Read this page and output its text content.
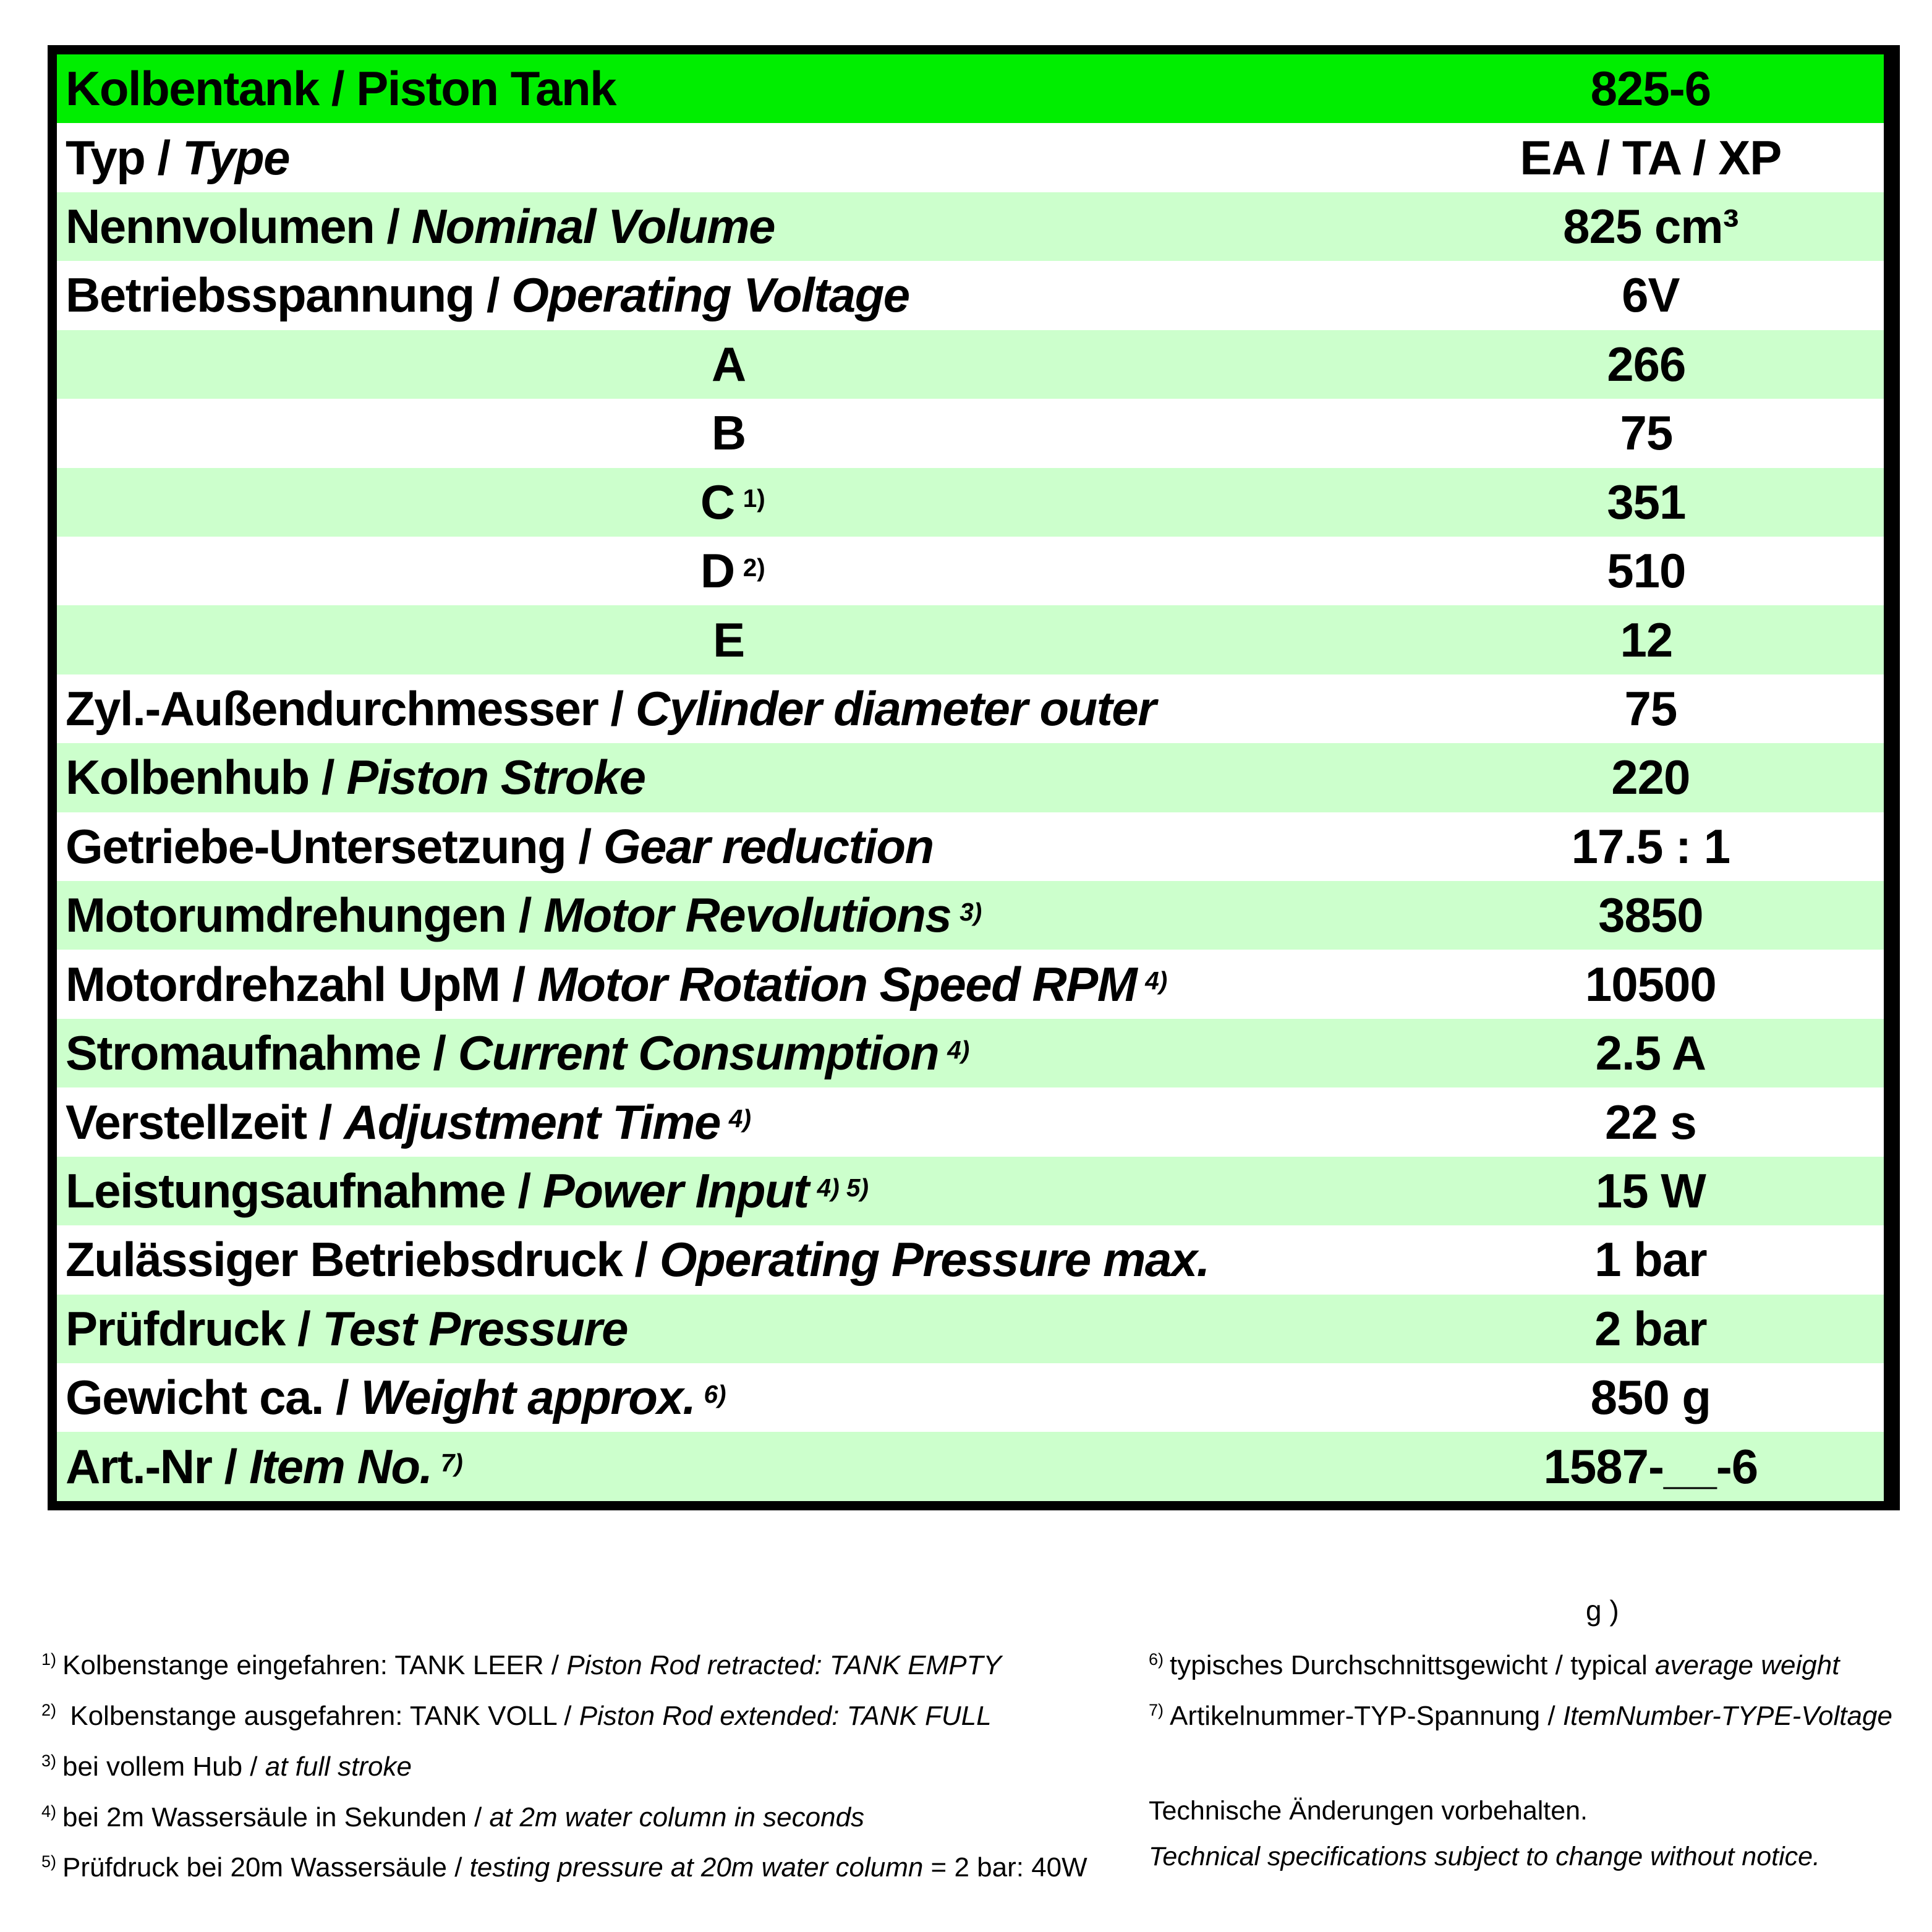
Kolbentank / Piston Tank	825-6
Typ / Type	EA / TA / XP
Nennvolumen / Nominal Volume	825 cm³
Betriebsspannung / Operating Voltage	6V
A	266
B	75
C $^{1)}$	351
D $^{2)}$	510
E	12
Zyl.-Außendurchmesser / Cylinder diameter outer	75
Kolbenhub / Piston Stroke	220
Getriebe-Untersetzung / Gear reduction	17.5 : 1
Motorumdrehungen / Motor Revolutions $^{3)}$	3850
Motordrehzahl UpM / Motor Rotation Speed RPM $^{4)}$	10500
Stromaufnahme / Current Consumption $^{4)}$	2.5 A
Verstellzeit / Adjustment Time $^{4)}$	22 s
Leistungsaufnahme / Power Input $^{4) 5)}$	15 W
Zulässiger Betriebsdruck / Operating Pressure max.	1 bar
Prüfdruck / Test Pressure	2 bar
Gewicht ca. / Weight approx. $^{6)}$	850 g
Art.-Nr / Item No. $^{7)}$	1587-__-6
g )
$^{1)}$ Kolbenstange eingefahren: TANK LEER / Piston Rod retracted: TANK EMPTY
$^{2)}$ Kolbenstange ausgefahren: TANK VOLL / Piston Rod extended: TANK FULL
$^{3)}$ bei vollem Hub / at full stroke
$^{4)}$ bei 2m Wassersäule in Sekunden / at 2m water column in seconds
$^{5)}$ Prüfdruck bei 20m Wassersäule / testing pressure at 20m water column = 2 bar: 40W
$^{6)}$ typisches Durchschnittsgewicht / typical average weight
$^{7)}$ Artikelnummer-TYP-Spannung / ItemNumber-TYPE-Voltage
Technische Änderungen vorbehalten.
Technical specifications subject to change without notice.
